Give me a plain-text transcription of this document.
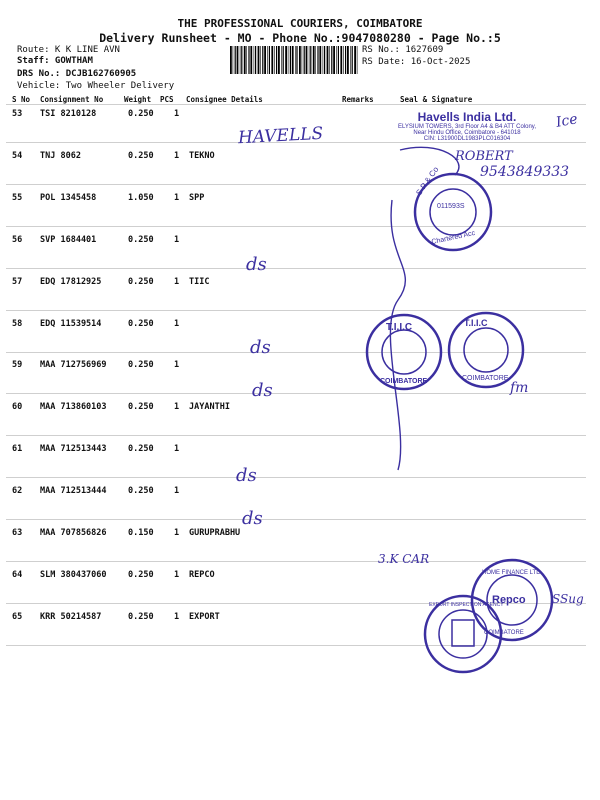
THE PROFESSIONAL COURIERS, COIMBATORE
Delivery Runsheet - MO - Phone No.:9047080280 - Page No.:5
Route: K K LINE AVN
Staff: GOWTHAM
DRS No.: DCJB162760905
Vehicle: Two Wheeler Delivery
RS No.: 1627609
RS Date: 16-Oct-2025
S No Consignment No	Weight PCS Consignee Details	Remarks	Seal & Signature
53 TSI 8210128	0.250 1
54 TNJ 8062	0.250 1 TEKNO
55 POL 1345458	1.050 1 SPP
56 SVP 1684401	0.250 1
57 EDQ 17812925	0.250 1 TIIC
58 EDQ 11539514	0.250 1
59 MAA 712756969	0.250 1
60 MAA 713860103	0.250 1 JAYANTHI
61 MAA 712513443	0.250 1
62 MAA 712513444	0.250 1
63 MAA 707856826	0.150 1 GURUPRABHU
64 SLM 380437060	0.250 1 REPCO
65 KRR 50214587	0.250 1 EXPORT
HAVELLS
ROBERT
9543849333
Ice
ds
ds
ds
ds
ds
3.K CAR
fm
SSug
Havells India Ltd.
ELYSIUM TOWERS, 3rd Floor A4 & B4 ATT Colony,
Near Hindu Office, Coimbatore - 641018
CIN: L31900DL1983PLC016304
S P & Co
011593S
Chartered Acc
T.I.I.C
COIMBATORE
T.I.I.C
COIMBATORE
Repco
HOME FINANCE LTD
COIMBATORE
EXPORT INSPECTION AGENCY
